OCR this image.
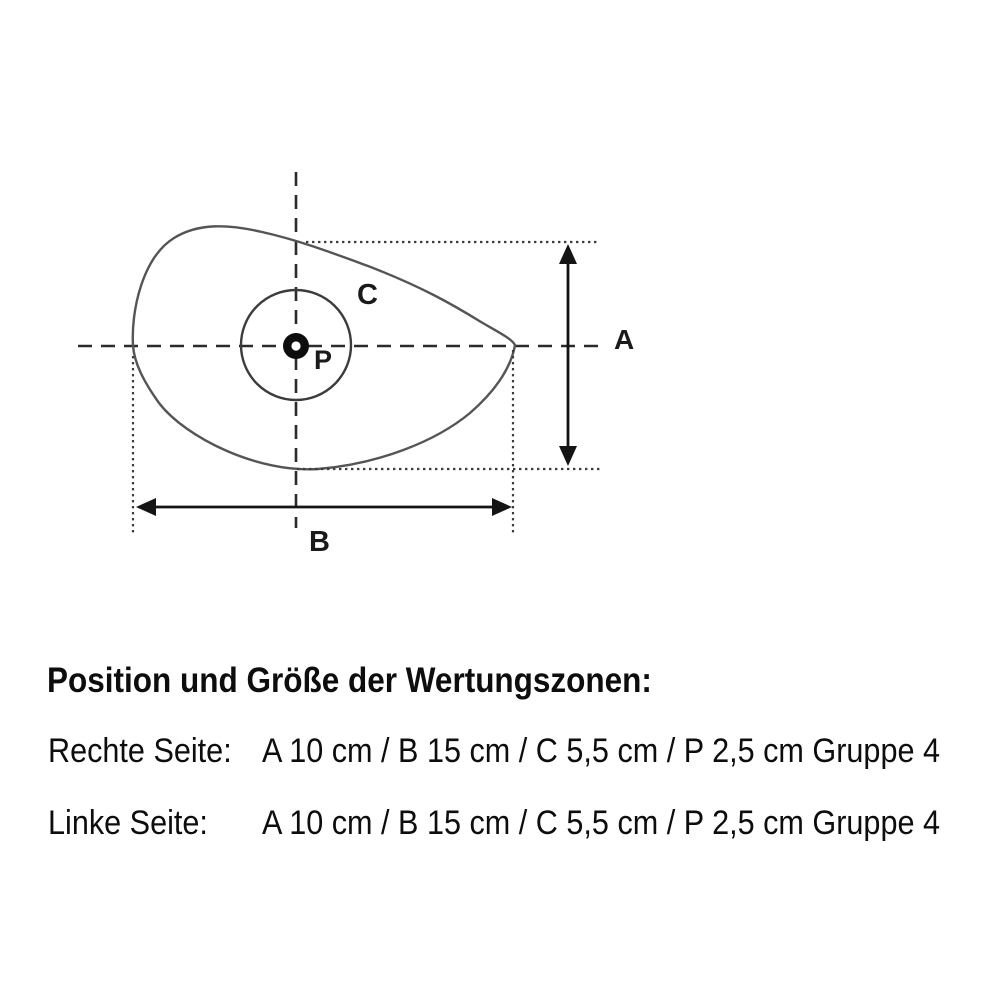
A
B
C
P
Position und Größe der Wertungszonen:
Rechte Seite: A 10 cm / B 15 cm / C 5,5 cm / P 2,5 cm Gruppe 4
Linke Seite: A 10 cm / B 15 cm / C 5,5 cm / P 2,5 cm Gruppe 4
